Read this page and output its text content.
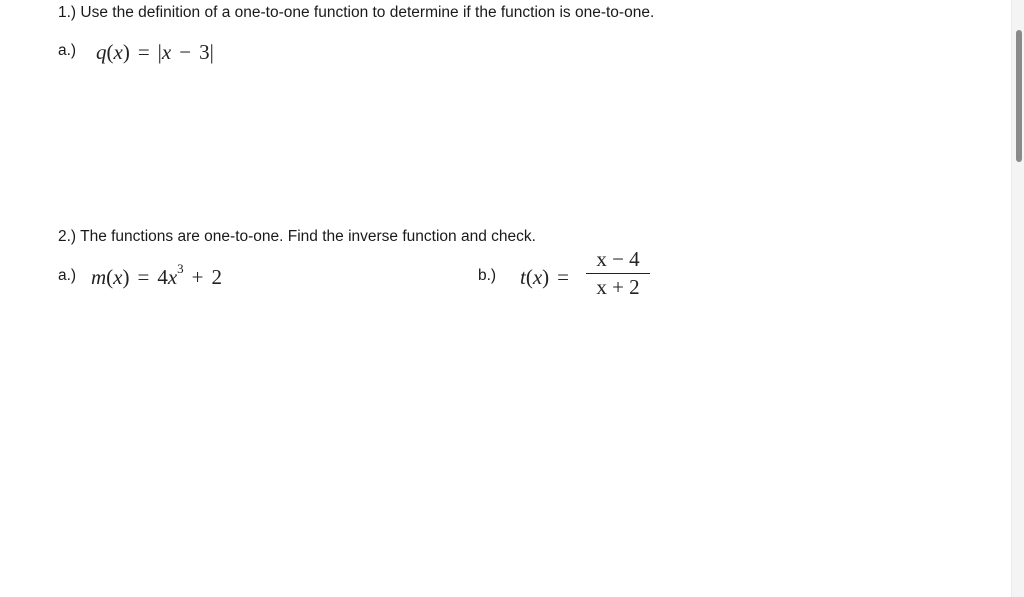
1.) Use the definition of a one-to-one function to determine if the function is one-to-one.
a.) q(x) = |x − 3|
2.) The functions are one-to-one. Find the inverse function and check.
a.) $m(x) = 4x^3 + 2$	b.) t(x) =
x − 4
x + 2
